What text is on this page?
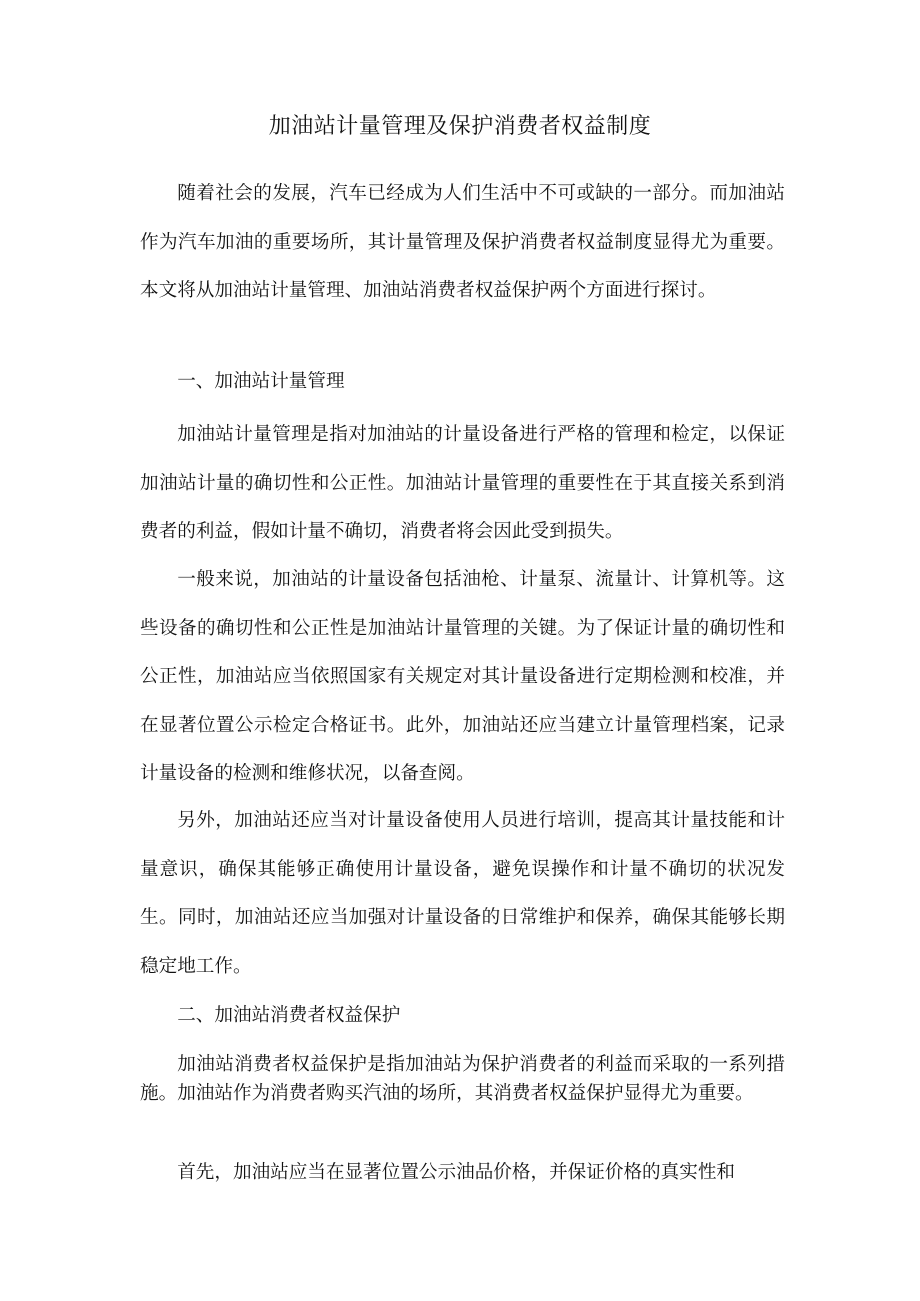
加油站计量管理及保护消费者权益制度

随着社会的发展，汽车已经成为人们生活中不可或缺的一部分。而加油站作为汽车加油的重要场所，其计量管理及保护消费者权益制度显得尤为重要。本文将从加油站计量管理、加油站消费者权益保护两个方面进行探讨。

一、加油站计量管理

加油站计量管理是指对加油站的计量设备进行严格的管理和检定，以保证加油站计量的确切性和公正性。加油站计量管理的重要性在于其直接关系到消费者的利益，假如计量不确切，消费者将会因此受到损失。

一般来说，加油站的计量设备包括油枪、计量泵、流量计、计算机等。这些设备的确切性和公正性是加油站计量管理的关键。为了保证计量的确切性和公正性，加油站应当依照国家有关规定对其计量设备进行定期检测和校准，并在显著位置公示检定合格证书。此外，加油站还应当建立计量管理档案，记录计量设备的检测和维修状况，以备查阅。

另外，加油站还应当对计量设备使用人员进行培训，提高其计量技能和计量意识，确保其能够正确使用计量设备，避免误操作和计量不确切的状况发生。同时，加油站还应当加强对计量设备的日常维护和保养，确保其能够长期稳定地工作。

二、加油站消费者权益保护

加油站消费者权益保护是指加油站为保护消费者的利益而采取的一系列措施。加油站作为消费者购买汽油的场所，其消费者权益保护显得尤为重要。

首先，加油站应当在显著位置公示油品价格，并保证价格的真实性和
